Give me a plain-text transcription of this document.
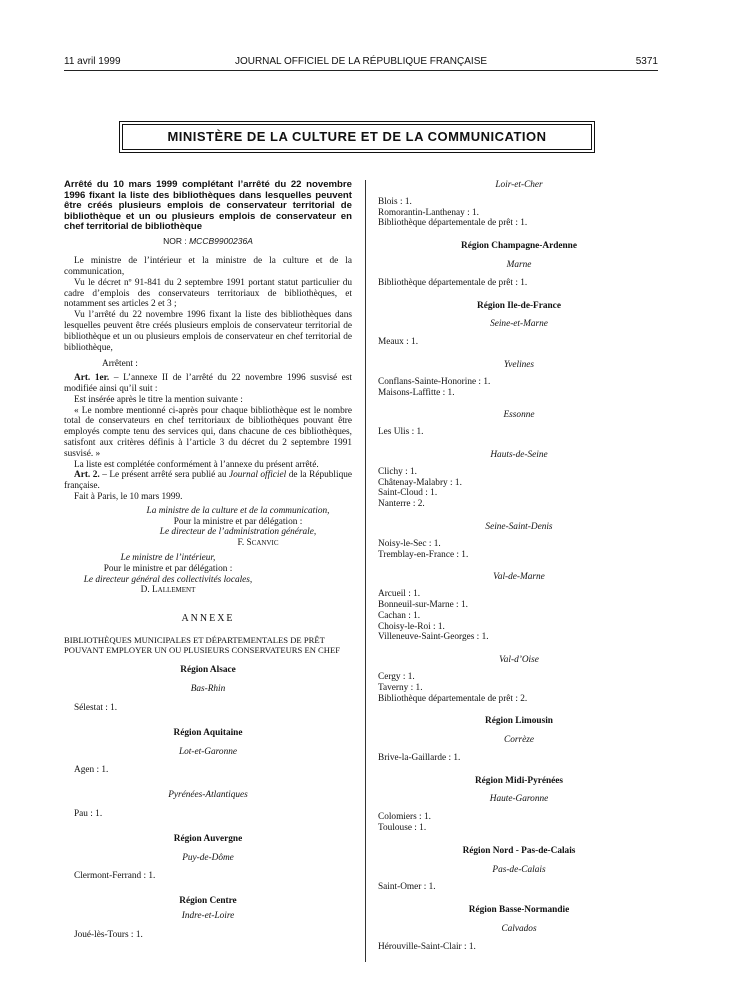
11 avril 1999	JOURNAL OFFICIEL DE LA RÉPUBLIQUE FRANÇAISE	5371
MINISTÈRE DE LA CULTURE ET DE LA COMMUNICATION

Arrêté du 10 mars 1999 complétant l’arrêté du 22 novembre 1996 fixant la liste des bibliothèques dans lesquelles peuvent être créés plusieurs emplois de conservateur territorial de bibliothèque et un ou plusieurs emplois de conservateur en chef territorial de bibliothèque

NOR : MCCB9900236A

Le ministre de l’intérieur et la ministre de la culture et de la communication,

Vu le décret nº 91-841 du 2 septembre 1991 portant statut particulier du cadre d’emplois des conservateurs territoriaux de bibliothèques, et notamment ses articles 2 et 3 ;

Vu l’arrêté du 22 novembre 1996 fixant la liste des bibliothèques dans lesquelles peuvent être créés plusieurs emplois de conservateur territorial de bibliothèque et un ou plusieurs emplois de conservateur en chef territorial de bibliothèque,

Arrêtent :

Art. 1er. – L’annexe II de l’arrêté du 22 novembre 1996 susvisé est modifiée ainsi qu’il suit :

Est insérée après le titre la mention suivante :

« Le nombre mentionné ci-après pour chaque bibliothèque est le nombre total de conservateurs en chef territoriaux de bibliothèques pouvant être employés compte tenu des services qui, dans chacune de ces bibliothèques, satisfont aux critères définis à l’article 3 du décret du 2 septembre 1991 susvisé. »

La liste est complétée conformément à l’annexe du présent arrêté.

Art. 2. – Le présent arrêté sera publié au Journal officiel de la République française.

Fait à Paris, le 10 mars 1999.

La ministre de la culture et de la communication,
Pour la ministre et par délégation :
Le directeur de l’administration générale,
F. Scanvic
Le ministre de l’intérieur,
Pour le ministre et par délégation :
Le directeur général des collectivités locales,
D. Lallement
ANNEXE

BIBLIOTHÈQUES MUNICIPALES ET DÉPARTEMENTALES DE PRÊT POUVANT EMPLOYER UN OU PLUSIEURS CONSERVATEURS EN CHEF

Région Alsace
Bas-Rhin
Sélestat : 1.
Région Aquitaine
Lot-et-Garonne
Agen : 1.
Pyrénées-Atlantiques
Pau : 1.
Région Auvergne
Puy-de-Dôme
Clermont-Ferrand : 1.
Région Centre
Indre-et-Loire
Joué-lès-Tours : 1.
Loir-et-Cher
Blois : 1.
Romorantin-Lanthenay : 1.
Bibliothèque départementale de prêt : 1.
Région Champagne-Ardenne
Marne
Bibliothèque départementale de prêt : 1.
Région Ile-de-France
Seine-et-Marne
Meaux : 1.
Yvelines
Conflans-Sainte-Honorine : 1.
Maisons-Laffitte : 1.
Essonne
Les Ulis : 1.
Hauts-de-Seine
Clichy : 1.
Châtenay-Malabry : 1.
Saint-Cloud : 1.
Nanterre : 2.
Seine-Saint-Denis
Noisy-le-Sec : 1.
Tremblay-en-France : 1.
Val-de-Marne
Arcueil : 1.
Bonneuil-sur-Marne : 1.
Cachan : 1.
Choisy-le-Roi : 1.
Villeneuve-Saint-Georges : 1.
Val-d’Oise
Cergy : 1.
Taverny : 1.
Bibliothèque départementale de prêt : 2.
Région Limousin
Corrèze
Brive-la-Gaillarde : 1.
Région Midi-Pyrénées
Haute-Garonne
Colomiers : 1.
Toulouse : 1.
Région Nord - Pas-de-Calais
Pas-de-Calais
Saint-Omer : 1.
Région Basse-Normandie
Calvados
Hérouville-Saint-Clair : 1.
